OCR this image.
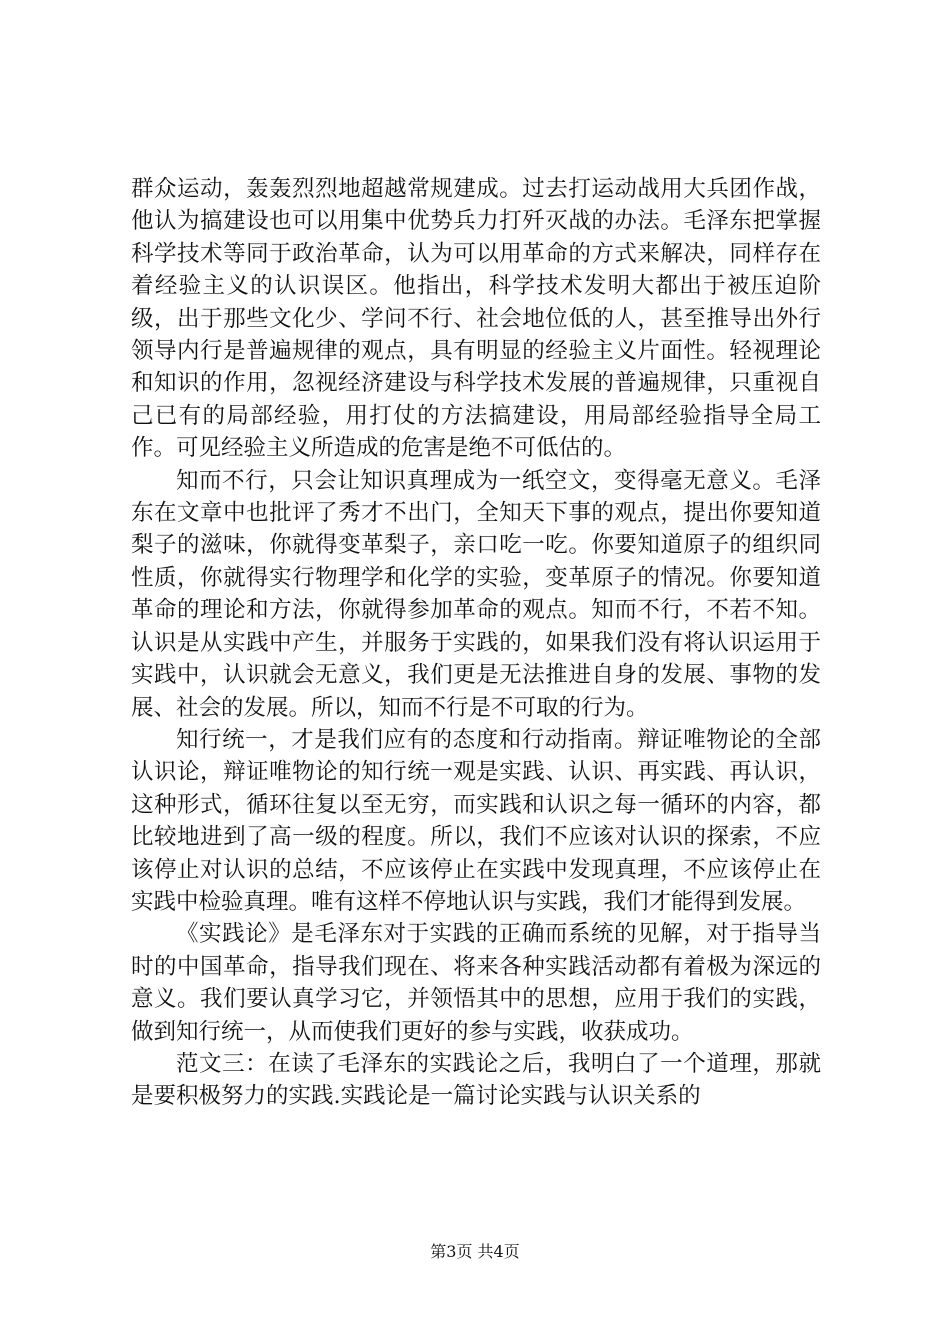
群众运动，轰轰烈烈地超越常规建成。过去打运动战用大兵团作战，他认为搞建设也可以用集中优势兵力打歼灭战的办法。毛泽东把掌握科学技术等同于政治革命，认为可以用革命的方式来解决，同样存在着经验主义的认识误区。他指出，科学技术发明大都出于被压迫阶级，出于那些文化少、学问不行、社会地位低的人，甚至推导出外行领导内行是普遍规律的观点，具有明显的经验主义片面性。轻视理论和知识的作用，忽视经济建设与科学技术发展的普遍规律，只重视自己已有的局部经验，用打仗的方法搞建设，用局部经验指导全局工作。可见经验主义所造成的危害是绝不可低估的。

知而不行，只会让知识真理成为一纸空文，变得毫无意义。毛泽东在文章中也批评了秀才不出门，全知天下事的观点，提出你要知道梨子的滋味，你就得变革梨子，亲口吃一吃。你要知道原子的组织同性质，你就得实行物理学和化学的实验，变革原子的情况。你要知道革命的理论和方法，你就得参加革命的观点。知而不行，不若不知。认识是从实践中产生，并服务于实践的，如果我们没有将认识运用于实践中，认识就会无意义，我们更是无法推进自身的发展、事物的发展、社会的发展。所以，知而不行是不可取的行为。

知行统一，才是我们应有的态度和行动指南。辩证唯物论的全部认识论，辩证唯物论的知行统一观是实践、认识、再实践、再认识，这种形式，循环往复以至无穷，而实践和认识之每一循环的内容，都比较地进到了高一级的程度。所以，我们不应该对认识的探索，不应该停止对认识的总结，不应该停止在实践中发现真理，不应该停止在实践中检验真理。唯有这样不停地认识与实践，我们才能得到发展。

《实践论》是毛泽东对于实践的正确而系统的见解，对于指导当时的中国革命，指导我们现在、将来各种实践活动都有着极为深远的意义。我们要认真学习它，并领悟其中的思想，应用于我们的实践，做到知行统一，从而使我们更好的参与实践，收获成功。

范文三：在读了毛泽东的实践论之后，我明白了一个道理，那就是要积极努力的实践.实践论是一篇讨论实践与认识关系的

第3页 共4页
